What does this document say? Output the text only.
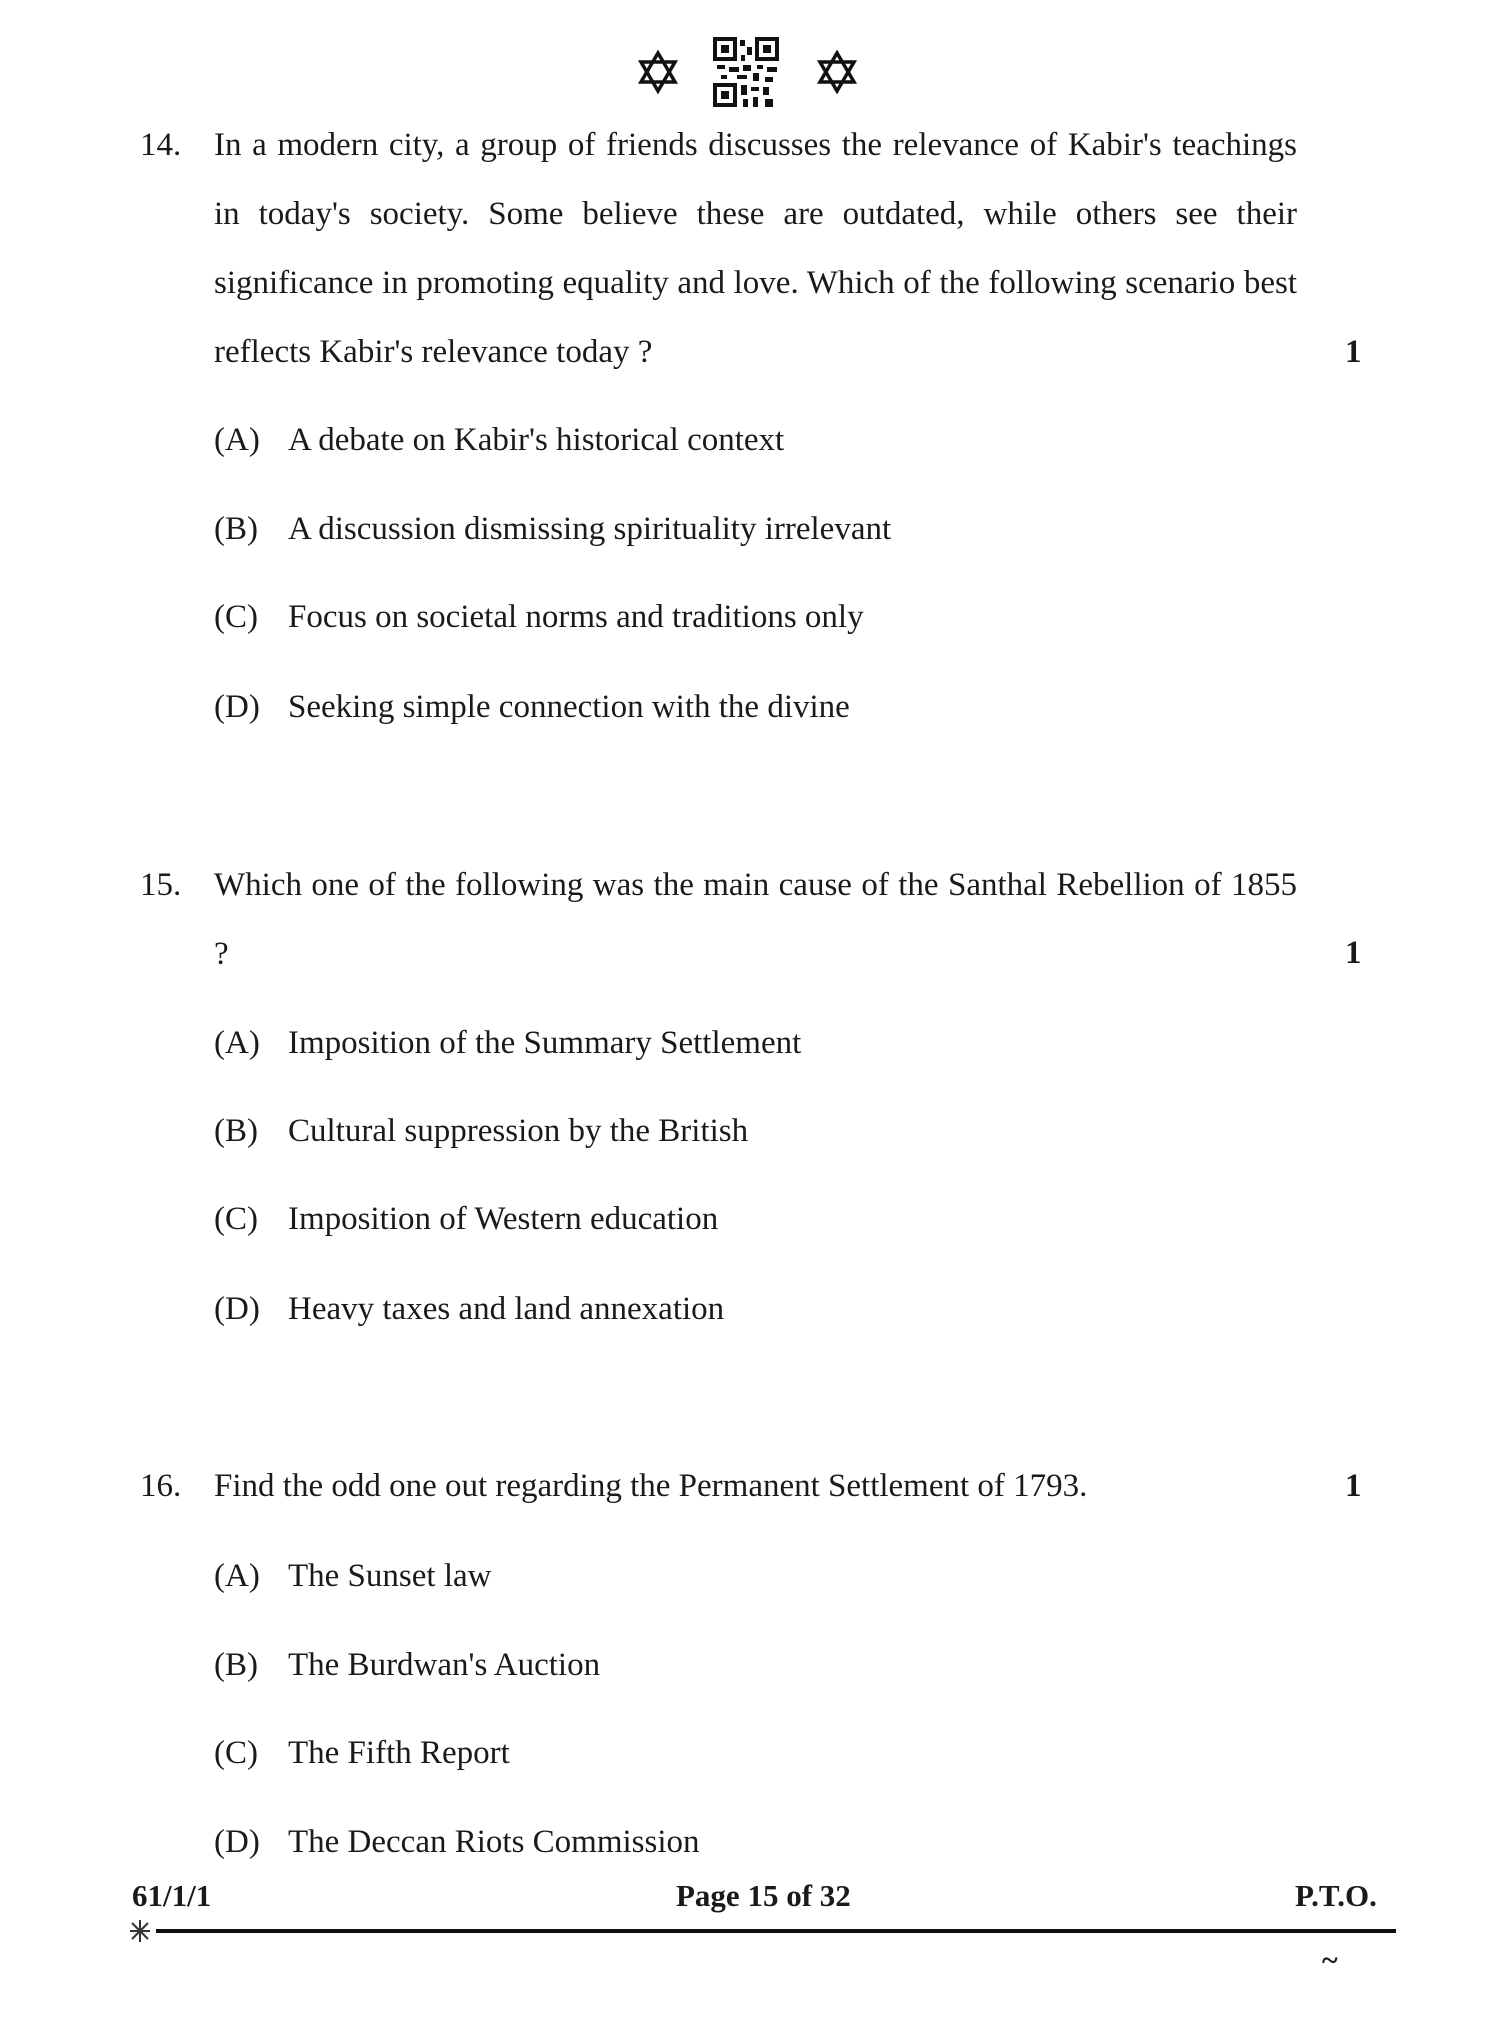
14. In a modern city, a group of friends discusses the relevance of Kabir's teachings in today's society. Some believe these are outdated, while others see their significance in promoting equality and love. Which of the following scenario best reflects Kabir's relevance today ?	1
(A) A debate on Kabir's historical context
(B) A discussion dismissing spirituality irrelevant
(C) Focus on societal norms and traditions only
(D) Seeking simple connection with the divine
15. Which one of the following was the main cause of the Santhal Rebellion of 1855 ?	1
(A) Imposition of the Summary Settlement
(B) Cultural suppression by the British
(C) Imposition of Western education
(D) Heavy taxes and land annexation
16. Find the odd one out regarding the Permanent Settlement of 1793.	1
(A) The Sunset law
(B) The Burdwan's Auction
(C) The Fifth Report
(D) The Deccan Riots Commission
61/1/1	Page 15 of 32	P.T.O.
~
